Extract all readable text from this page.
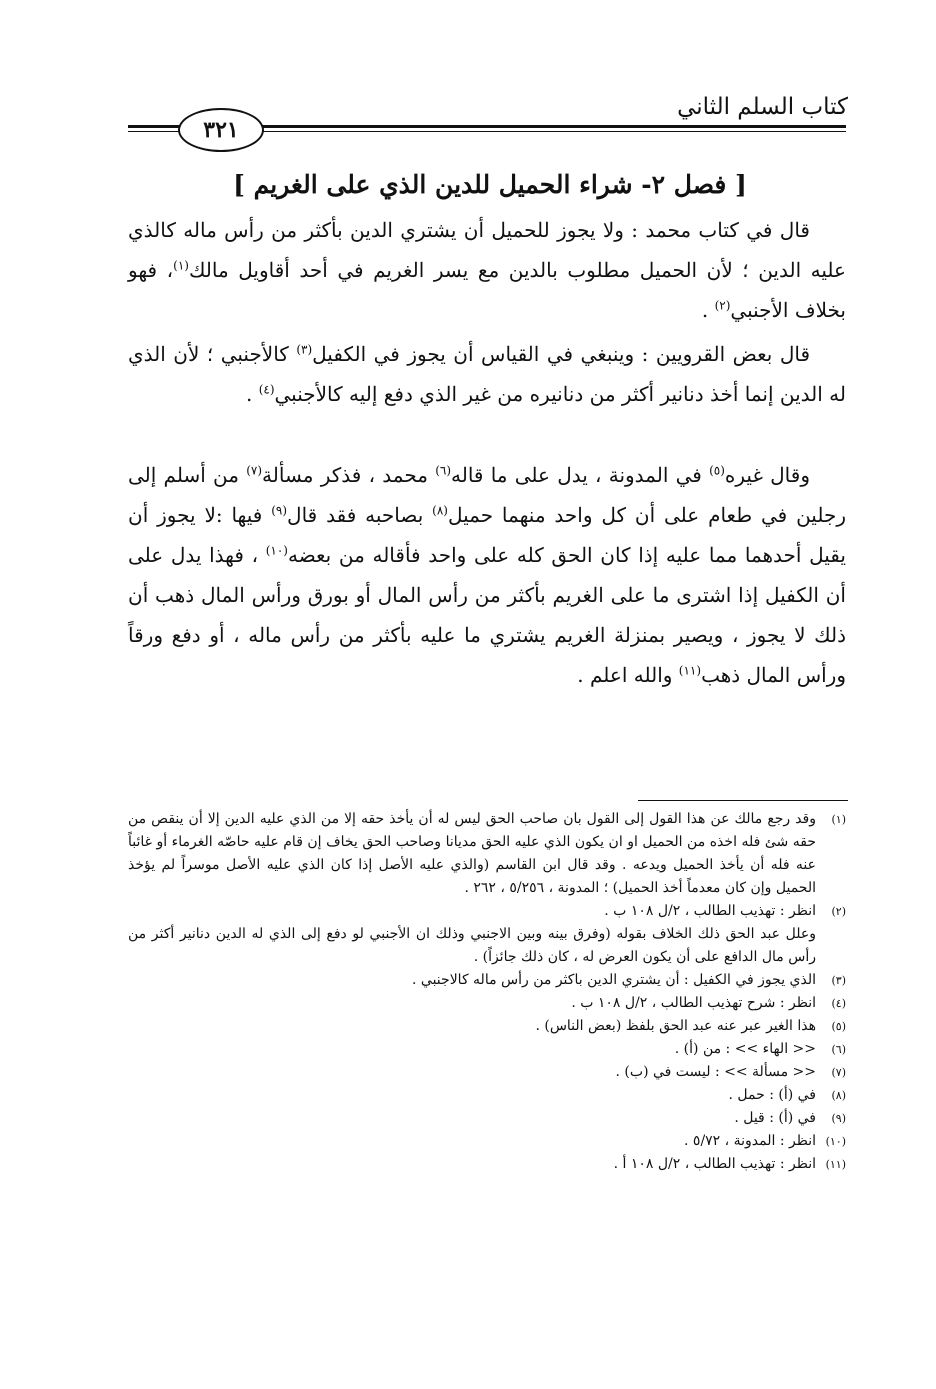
كتاب السلم الثاني
٣٢١
[ فصل ٢- شراء الحميل للدين الذي على الغريم ]
قال في كتاب محمد : ولا يجوز للحميل أن يشتري الدين بأكثر من رأس ماله كالذي عليه الدين ؛ لأن الحميل مطلوب بالدين مع يسر الغريم في أحد أقاويل مالك$^{(١)}$، فهو بخلاف الأجنبي$^{(٢)}$ .
قال بعض القرويين : وينبغي في القياس أن يجوز في الكفيل$^{(٣)}$ كالأجنبي ؛ لأن الذي له الدين إنما أخذ دنانير أكثر من دنانيره من غير الذي دفع إليه كالأجنبي$^{(٤)}$ .
وقال غيره$^{(٥)}$ في المدونة ، يدل على ما قاله$^{(٦)}$ محمد ، فذكر مسألة$^{(٧)}$ من أسلم إلى رجلين في طعام على أن كل واحد منهما حميل$^{(٨)}$ بصاحبه فقد قال$^{(٩)}$ فيها :لا يجوز أن يقيل أحدهما مما عليه إذا كان الحق كله على واحد فأقاله من بعضه$^{(١٠)}$ ، فهذا يدل على أن الكفيل إذا اشترى ما على الغريم بأكثر من رأس المال أو بورق ورأس المال ذهب أن ذلك لا يجوز ، ويصير بمنزلة الغريم يشتري ما عليه بأكثر من رأس ماله ، أو دفع ورقاً ورأس المال ذهب$^{(١١)}$ والله اعلم .
(١)
وقد رجع مالك عن هذا القول إلى القول بان صاحب الحق ليس له أن يأخذ حقه إلا من الذي عليه الدين إلا أن ينقص من حقه شئ فله اخذه من الحميل او ان يكون الذي عليه الحق مديانا وصاحب الحق يخاف إن قام عليه حاصّه الغرماء أو غائباً عنه فله أن يأخذ الحميل ويدعه . وقد قال ابن القاسم (والذي عليه الأصل إذا كان الذي عليه الأصل موسراً لم يؤخذ الحميل وإن كان معدماً أخذ الحميل) ؛ المدونة ، ٥/٢٥٦ ، ٢٦٢ .
(٢)
انظر : تهذيب الطالب ، ٢/ل ١٠٨ ب .
وعلل عبد الحق ذلك الخلاف بقوله (وفرق بينه وبين الاجنبي وذلك ان الأجنبي لو دفع إلى الذي له الدين دنانير أكثر من رأس مال الدافع على أن يكون العرض له ، كان ذلك جائزاً) .
(٣)
الذي يجوز في الكفيل : أن يشتري الدين باكثر من رأس ماله كالاجنبي .
(٤)
انظر : شرح تهذيب الطالب ، ٢/ل ١٠٨ ب .
(٥)
هذا الغير عبر عنه عبد الحق بلفظ (بعض الناس) .
(٦)
<< الهاء >> : من (أ) .
(٧)
<< مسألة >> : ليست في (ب) .
(٨)
في (أ) : حمل .
(٩)
في (أ) : قيل .
(١٠)
انظر : المدونة ، ٥/٧٢ .
(١١)
انظر : تهذيب الطالب ، ٢/ل ١٠٨ أ .
